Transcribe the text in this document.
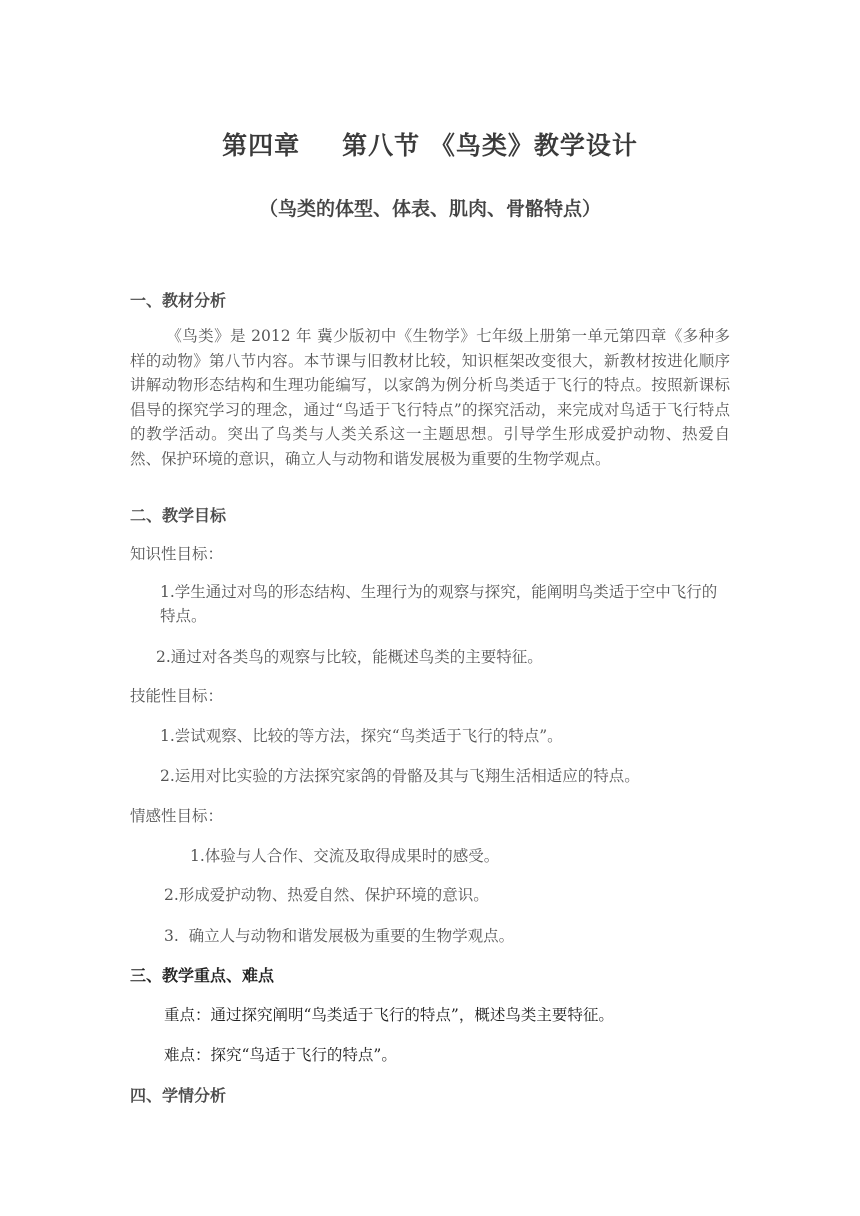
第四章 第八节 《鸟类》教学设计
（鸟类的体型、体表、肌肉、骨骼特点）
一、教材分析
《鸟类》是 2012 年 冀少版初中《生物学》七年级上册第一单元第四章《多种多样的动物》第八节内容。本节课与旧教材比较，知识框架改变很大，新教材按进化顺序讲解动物形态结构和生理功能编写，以家鸽为例分析鸟类适于飞行的特点。按照新课标倡导的探究学习的理念，通过“鸟适于飞行特点”的探究活动，来完成对鸟适于飞行特点的教学活动。突出了鸟类与人类关系这一主题思想。引导学生形成爱护动物、热爱自然、保护环境的意识，确立人与动物和谐发展极为重要的生物学观点。
二、教学目标
知识性目标：
1.学生通过对鸟的形态结构、生理行为的观察与探究，能阐明鸟类适于空中飞行的特点。
2.通过对各类鸟的观察与比较，能概述鸟类的主要特征。
技能性目标：
1.尝试观察、比较的等方法，探究“鸟类适于飞行的特点”。
2.运用对比实验的方法探究家鸽的骨骼及其与飞翔生活相适应的特点。
情感性目标：
1.体验与人合作、交流及取得成果时的感受。
2.形成爱护动物、热爱自然、保护环境的意识。
3.  确立人与动物和谐发展极为重要的生物学观点。
三、教学重点、难点
重点：通过探究阐明“鸟类适于飞行的特点”，概述鸟类主要特征。
难点：探究“鸟适于飞行的特点”。
四、学情分析
